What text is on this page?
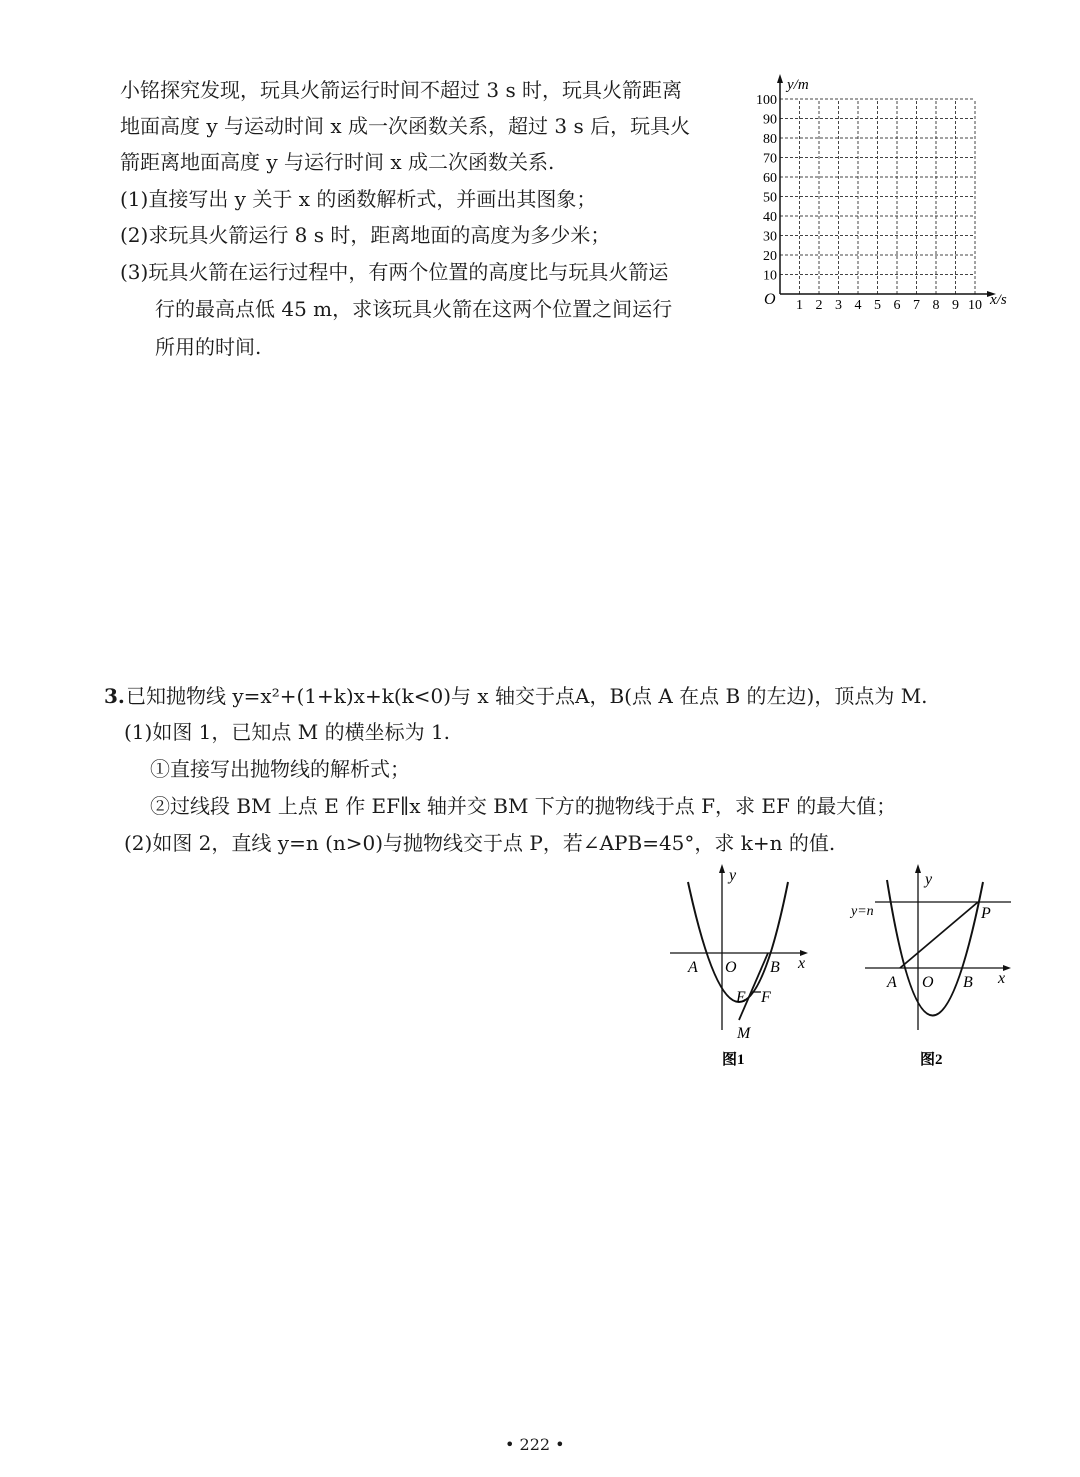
小铭探究发现，玩具火箭运行时间不超过 3 s 时，玩具火箭距离
地面高度 y 与运动时间 x 成一次函数关系，超过 3 s 后，玩具火
箭距离地面高度 y 与运行时间 x 成二次函数关系.
(1)直接写出 y 关于 x 的函数解析式，并画出其图象；
(2)求玩具火箭运行 8 s 时，距离地面的高度为多少米；
(3)玩具火箭在运行过程中，有两个位置的高度比与玩具火箭运
行的最高点低 45 m，求该玩具火箭在这两个位置之间运行
所用的时间.
y/m
x/s
O
100
90
80
70
60
50
40
30
20
10
1 2 3 4 5 6 7 8 9 10
3. 已知抛物线 y=x²+(1+k)x+k(k<0)与 x 轴交于点A，B(点 A 在点 B 的左边)，顶点为 M.
(1)如图 1，已知点 M 的横坐标为 1.
①直接写出抛物线的解析式；
②过线段 BM 上点 E 作 EF∥x 轴并交 BM 下方的抛物线于点 F，求 EF 的最大值；
(2)如图 2，直线 y=n (n>0)与抛物线交于点 P，若∠APB=45°，求 k+n 的值.
y
x
A O B
E F
M
图1
y
y=n	P
A O B x
图2
• 222 •
